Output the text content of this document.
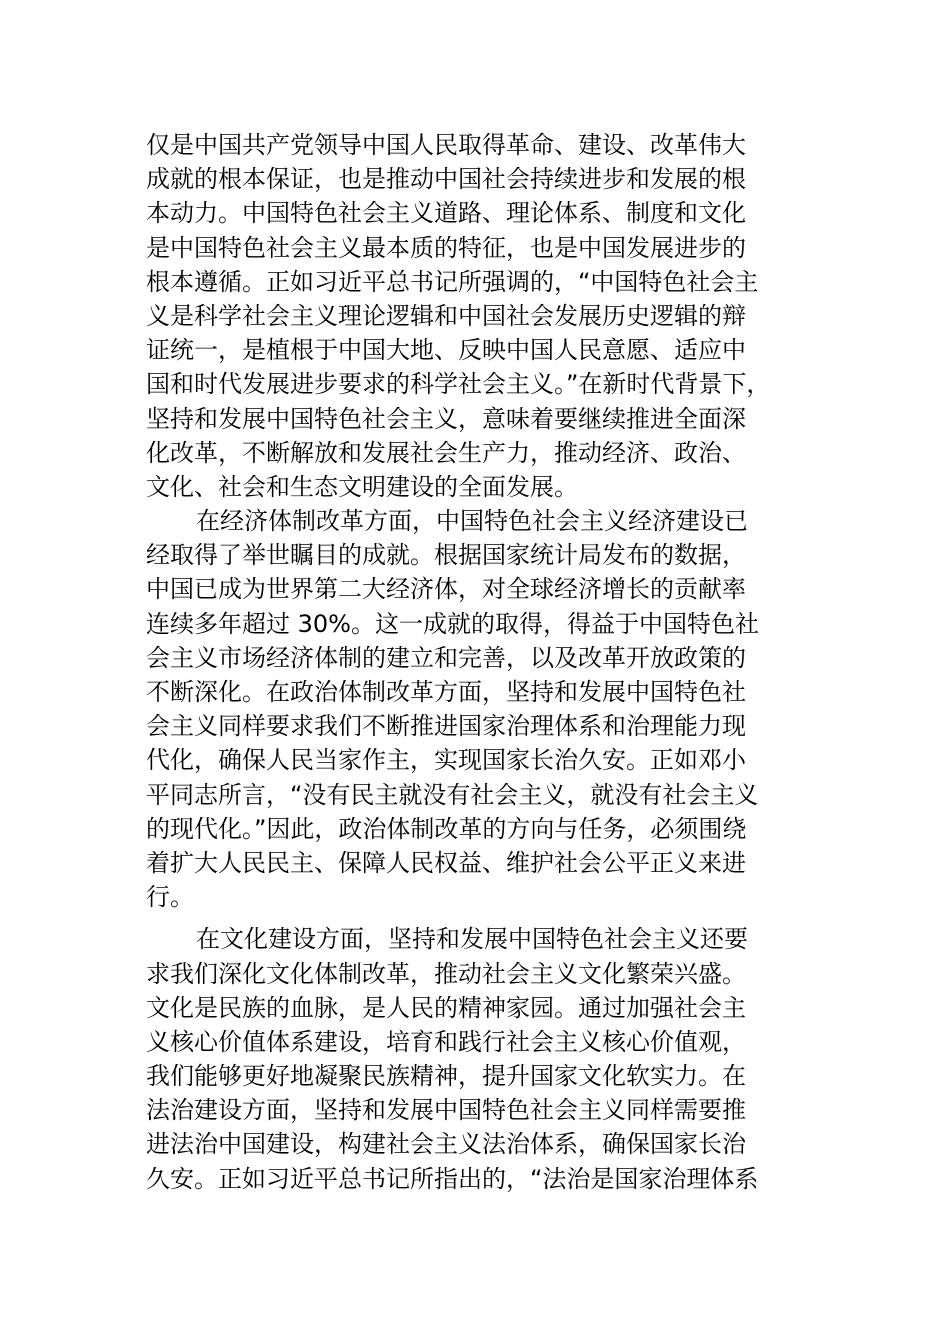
仅是中国共产党领导中国人民取得革命、建设、改革伟大
成就的根本保证，也是推动中国社会持续进步和发展的根
本动力。中国特色社会主义道路、理论体系、制度和文化
是中国特色社会主义最本质的特征，也是中国发展进步的
根本遵循。正如习近平总书记所强调的，“中国特色社会主
义是科学社会主义理论逻辑和中国社会发展历史逻辑的辩
证统一，是植根于中国大地、反映中国人民意愿、适应中
国和时代发展进步要求的科学社会主义。”在新时代背景下，
坚持和发展中国特色社会主义，意味着要继续推进全面深
化改革，不断解放和发展社会生产力，推动经济、政治、
文化、社会和生态文明建设的全面发展。
在经济体制改革方面，中国特色社会主义经济建设已
经取得了举世瞩目的成就。根据国家统计局发布的数据，
中国已成为世界第二大经济体，对全球经济增长的贡献率
连续多年超过 30%。这一成就的取得，得益于中国特色社
会主义市场经济体制的建立和完善，以及改革开放政策的
不断深化。在政治体制改革方面，坚持和发展中国特色社
会主义同样要求我们不断推进国家治理体系和治理能力现
代化，确保人民当家作主，实现国家长治久安。正如邓小
平同志所言，“没有民主就没有社会主义，就没有社会主义
的现代化。”因此，政治体制改革的方向与任务，必须围绕
着扩大人民民主、保障人民权益、维护社会公平正义来进
行。
在文化建设方面，坚持和发展中国特色社会主义还要
求我们深化文化体制改革，推动社会主义文化繁荣兴盛。
文化是民族的血脉，是人民的精神家园。通过加强社会主
义核心价值体系建设，培育和践行社会主义核心价值观，
我们能够更好地凝聚民族精神，提升国家文化软实力。在
法治建设方面，坚持和发展中国特色社会主义同样需要推
进法治中国建设，构建社会主义法治体系，确保国家长治
久安。正如习近平总书记所指出的，“法治是国家治理体系
